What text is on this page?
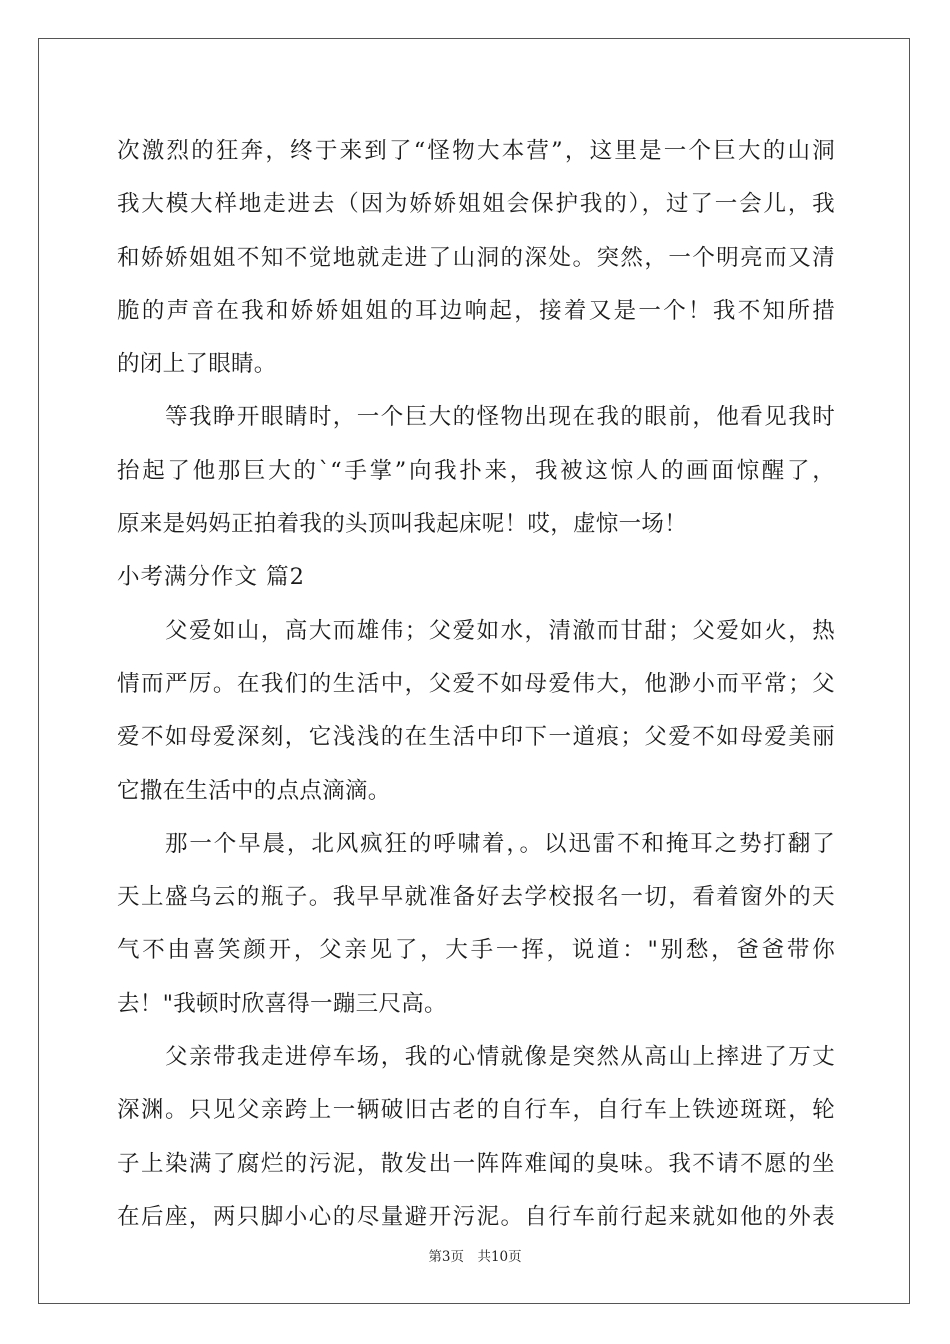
次激烈的狂奔，终于来到了“怪物大本营”，这里是一个巨大的山洞
我大模大样地走进去（因为娇娇姐姐会保护我的），过了一会儿，我
和娇娇姐姐不知不觉地就走进了山洞的深处。突然，一个明亮而又清
脆的声音在我和娇娇姐姐的耳边响起，接着又是一个！我不知所措
的闭上了眼睛。
等我睁开眼睛时，一个巨大的怪物出现在我的眼前，他看见我时
抬起了他那巨大的`“手掌”向我扑来，我被这惊人的画面惊醒了，
原来是妈妈正拍着我的头顶叫我起床呢！哎，虚惊一场！
小考满分作文 篇2
父爱如山，高大而雄伟；父爱如水，清澈而甘甜；父爱如火，热
情而严厉。在我们的生活中，父爱不如母爱伟大，他渺小而平常；父
爱不如母爱深刻，它浅浅的在生活中印下一道痕；父爱不如母爱美丽
它撒在生活中的点点滴滴。
那一个早晨，北风疯狂的呼啸着，。以迅雷不和掩耳之势打翻了
天上盛乌云的瓶子。我早早就准备好去学校报名一切，看着窗外的天
气不由喜笑颜开，父亲见了，大手一挥，说道："别愁，爸爸带你
去！"我顿时欣喜得一蹦三尺高。
父亲带我走进停车场，我的心情就像是突然从高山上摔进了万丈
深渊。只见父亲跨上一辆破旧古老的自行车，自行车上铁迹斑斑，轮
子上染满了腐烂的污泥，散发出一阵阵难闻的臭味。我不请不愿的坐
在后座，两只脚小心的尽量避开污泥。自行车前行起来就如他的外表
第3页　共10页
